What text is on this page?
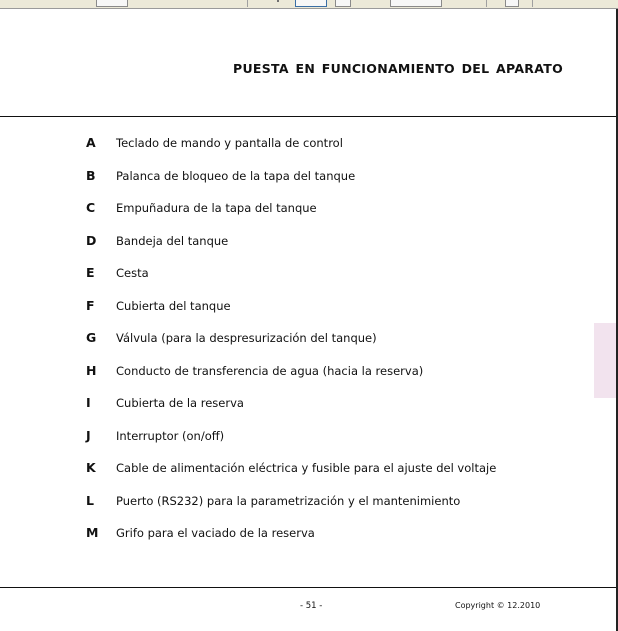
PUESTA EN FUNCIONAMIENTO DEL APARATO
A Teclado de mando y pantalla de control
B Palanca de bloqueo de la tapa del tanque
C Empuñadura de la tapa del tanque
D Bandeja del tanque
E Cesta
F Cubierta del tanque
G Válvula (para la despresurización del tanque)
H Conducto de transferencia de agua (hacia la reserva)
I Cubierta de la reserva
J Interruptor (on/off)
K Cable de alimentación eléctrica y fusible para el ajuste del voltaje
L Puerto (RS232) para la parametrización y el mantenimiento
M Grifo para el vaciado de la reserva
- 51 -	Copyright © 12.2010
